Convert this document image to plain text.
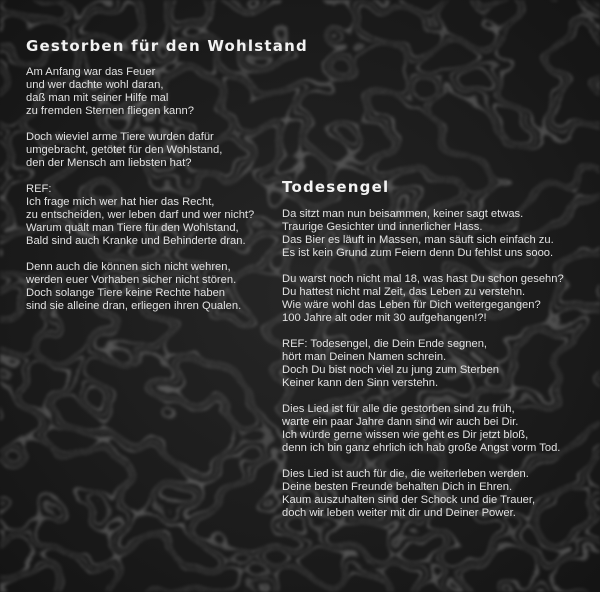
Gestorben für den Wohlstand
Am Anfang war das Feuer
und wer dachte wohl daran,
daß man mit seiner Hilfe mal
zu fremden Sternen fliegen kann?
Doch wieviel arme Tiere wurden dafür
umgebracht, getötet für den Wohlstand,
den der Mensch am liebsten hat?
REF:
Ich frage mich wer hat hier das Recht,
zu entscheiden, wer leben darf und wer nicht?
Warum quält man Tiere für den Wohlstand,
Bald sind auch Kranke und Behinderte dran.
Denn auch die können sich nicht wehren,
werden euer Vorhaben sicher nicht stören.
Doch solange Tiere keine Rechte haben
sind sie alleine dran, erliegen ihren Qualen.
Todesengel
Da sitzt man nun beisammen, keiner sagt etwas.
Traurige Gesichter und innerlicher Hass.
Das Bier es läuft in Massen, man säuft sich einfach zu.
Es ist kein Grund zum Feiern denn Du fehlst uns sooo.
Du warst noch nicht mal 18, was hast Du schon gesehn?
Du hattest nicht mal Zeit, das Leben zu verstehn.
Wie wäre wohl das Leben für Dich weitergegangen?
100 Jahre alt oder mit 30 aufgehangen!?!
REF: Todesengel, die Dein Ende segnen,
hört man Deinen Namen schrein.
Doch Du bist noch viel zu jung zum Sterben
Keiner kann den Sinn verstehn.
Dies Lied ist für alle die gestorben sind zu früh,
warte ein paar Jahre dann sind wir auch bei Dir.
Ich würde gerne wissen wie geht es Dir jetzt bloß,
denn ich bin ganz ehrlich ich hab große Angst vorm Tod.
Dies Lied ist auch für die, die weiterleben werden.
Deine besten Freunde behalten Dich in Ehren.
Kaum auszuhalten sind der Schock und die Trauer,
doch wir leben weiter mit dir und Deiner Power.
